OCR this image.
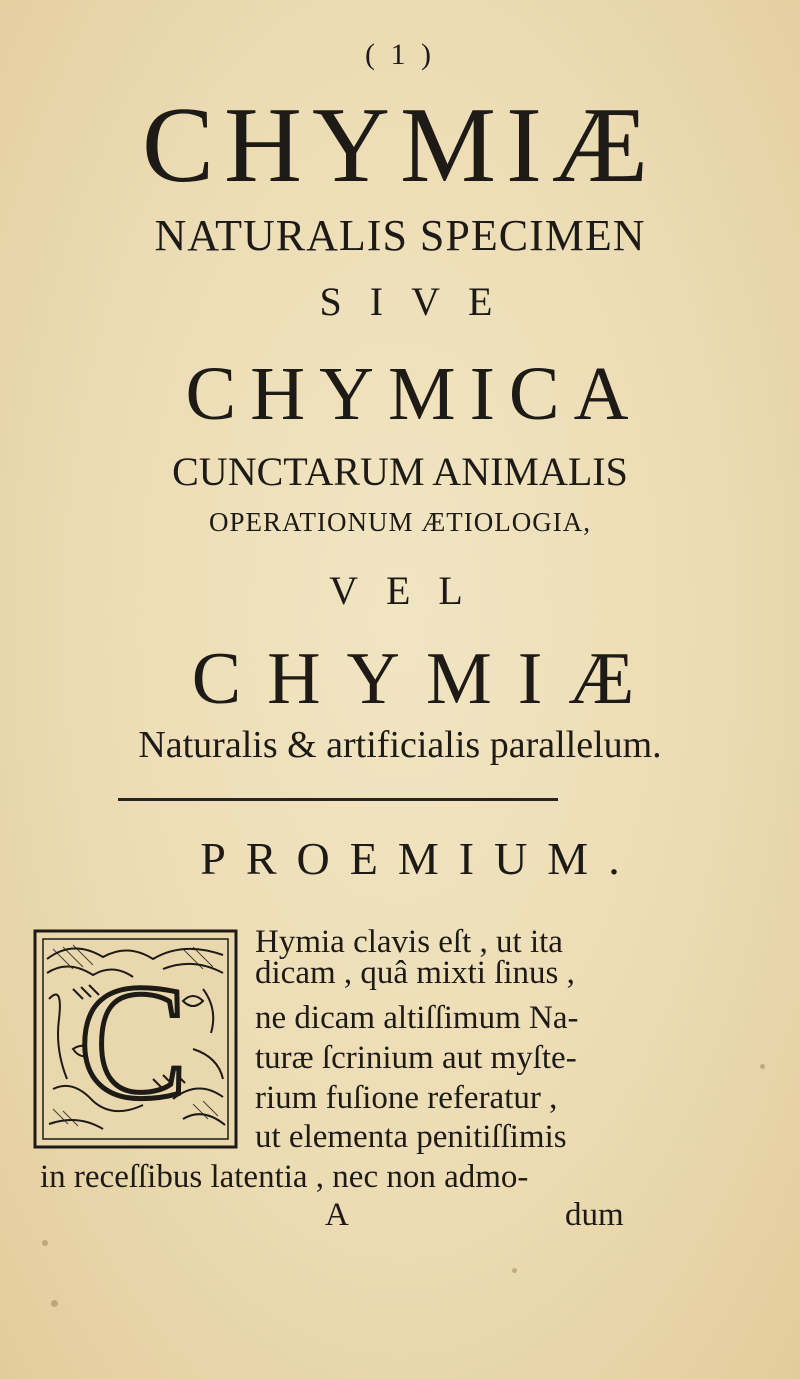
( 1 )
CHYMIÆ
NATURALIS SPECIMEN
SIVE
CHYMICA
CUNCTARUM ANIMALIS
OPERATIONUM ÆTIOLOGIA,
VEL
CHYMIÆ
Naturalis & artificialis parallelum.
PROEMIUM.
C
Hymia clavis eſt , ut ita
dicam , quâ mixti ſinus ,
ne dicam altiſſimum Na-
turæ ſcrinium aut myſte-
rium fuſione referatur ,
ut elementa penitiſſimis
in receſſibus latentia , nec non admo-
A	dum
